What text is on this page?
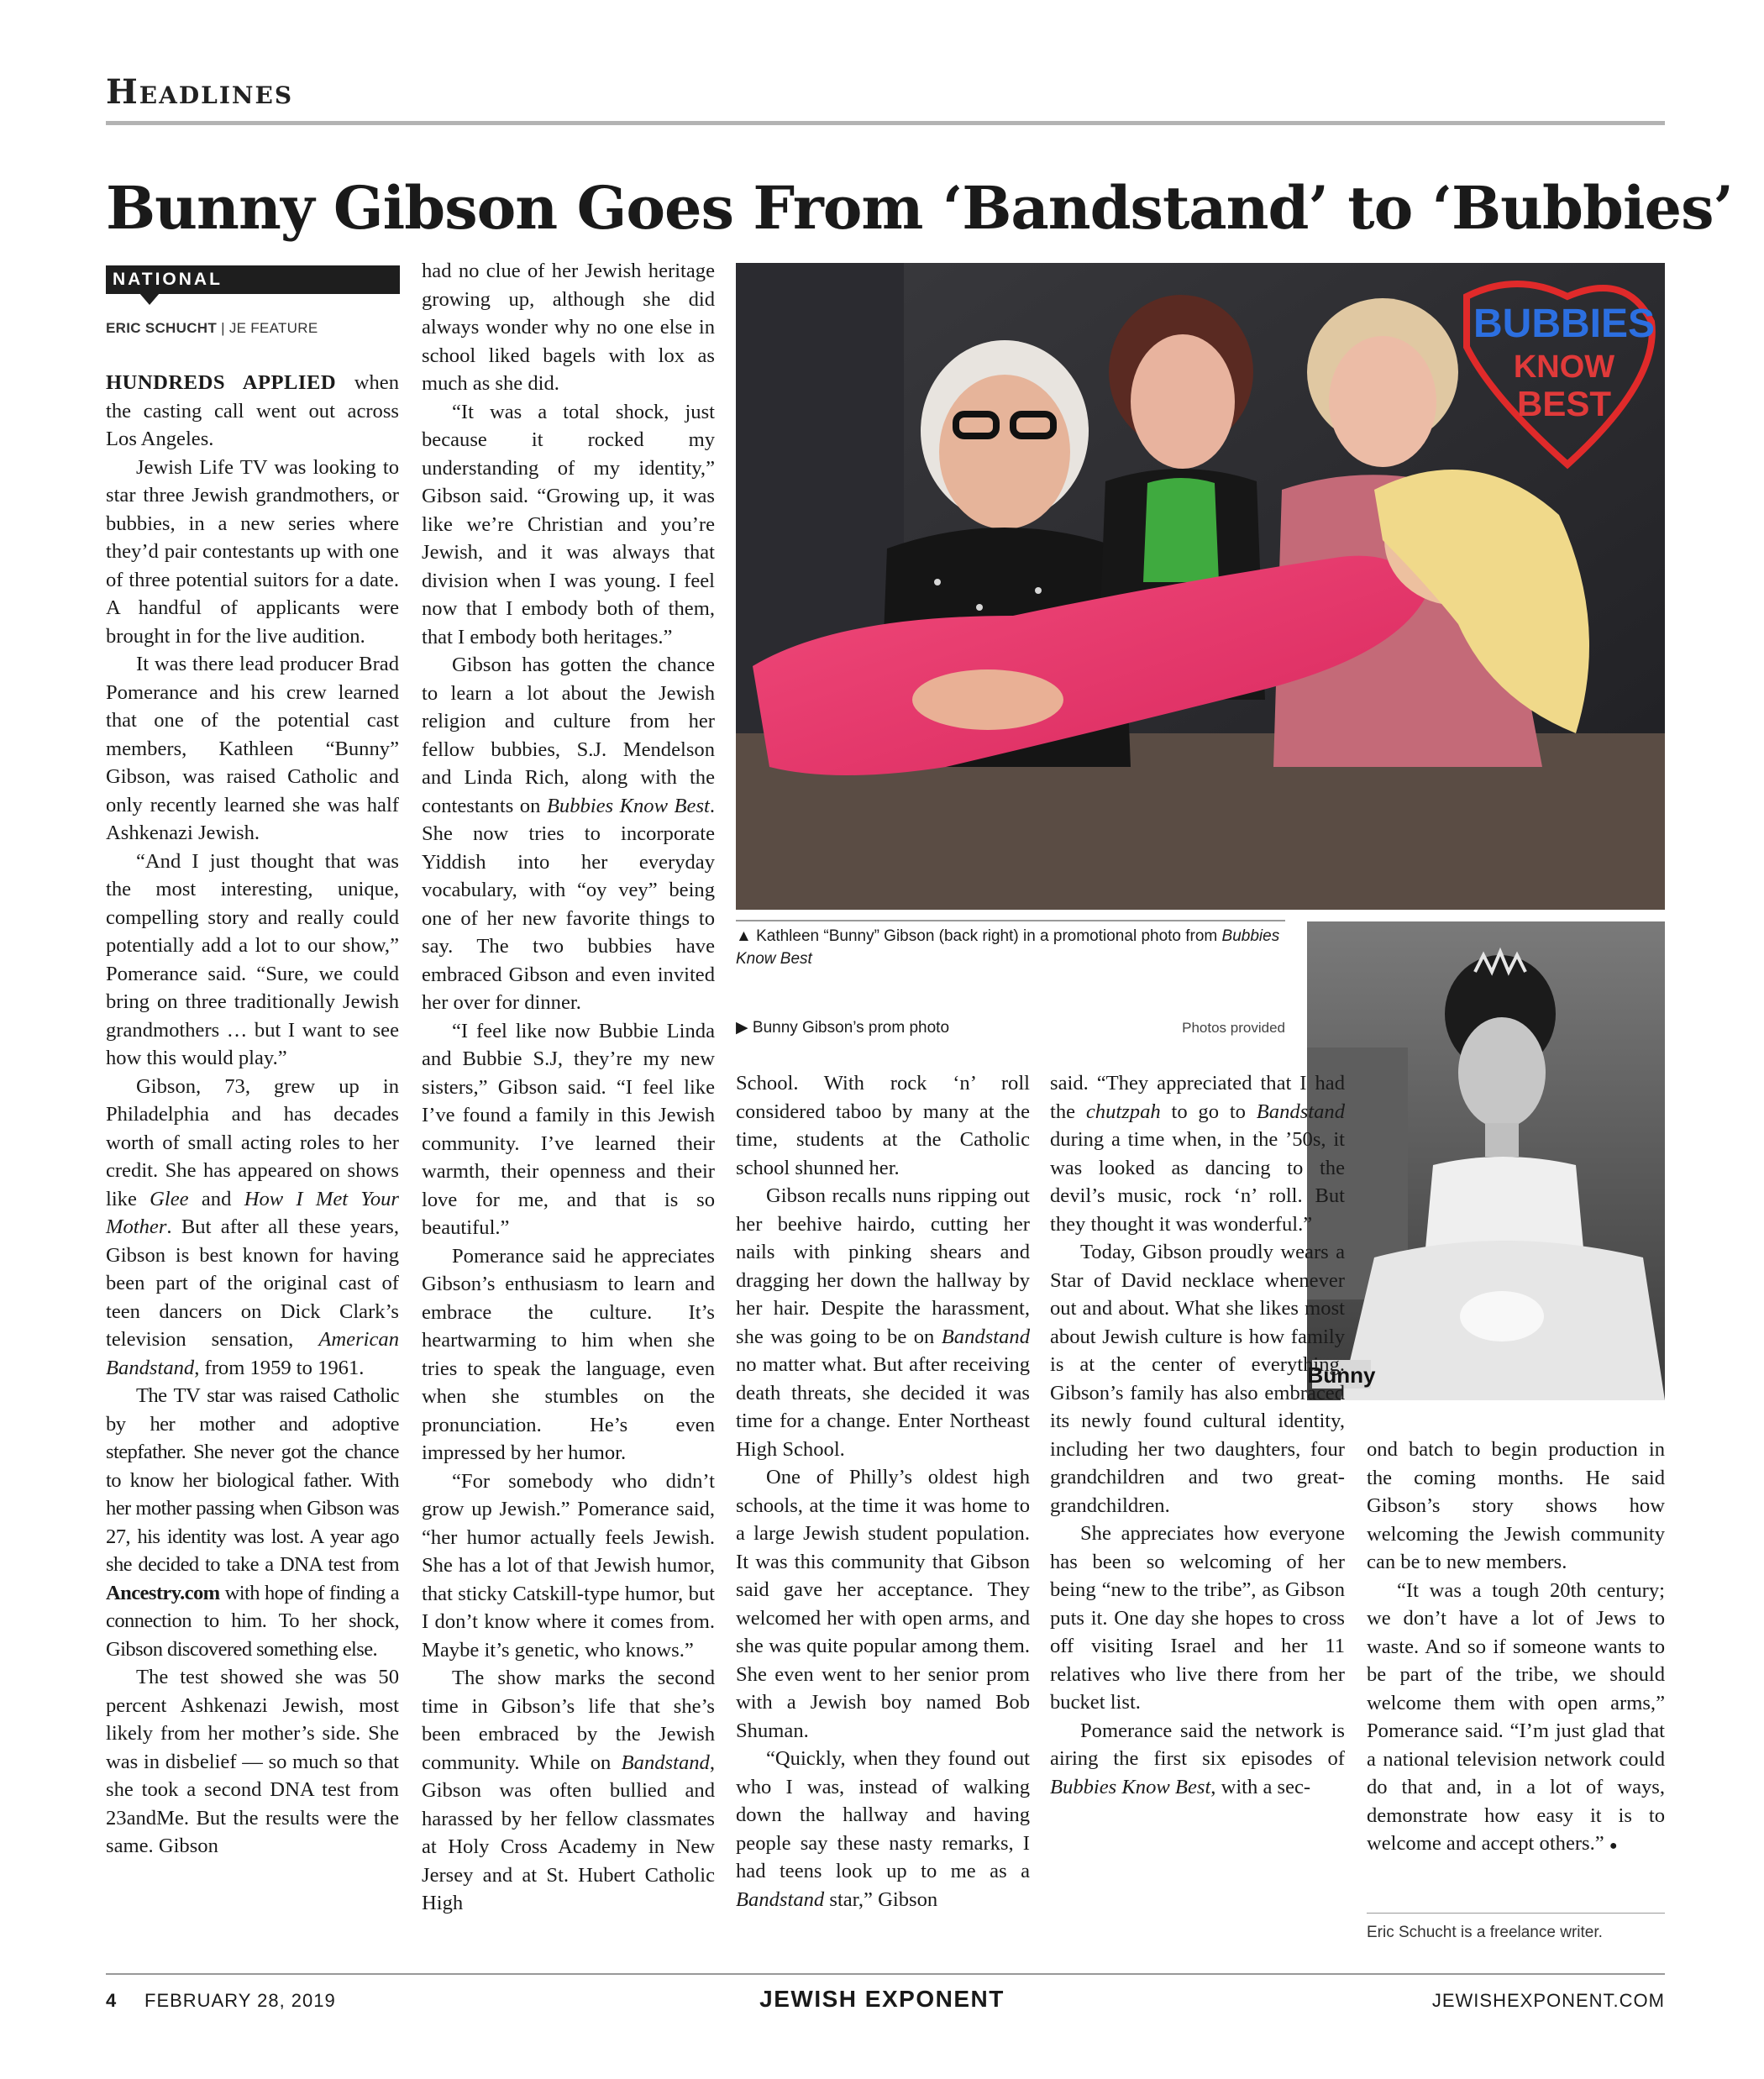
Headlines
Bunny Gibson Goes From ‘Bandstand’ to ‘Bubbies’
NATIONAL
ERIC SCHUCHT | JE FEATURE

HUNDREDS APPLIED when the casting call went out across Los Angeles.

Jewish Life TV was looking to star three Jewish grandmothers, or bubbies, in a new series where they’d pair contestants up with one of three potential suitors for a date. A handful of applicants were brought in for the live audition.

It was there lead producer Brad Pomerance and his crew learned that one of the potential cast members, Kathleen “Bunny” Gibson, was raised Catholic and only recently learned she was half Ashkenazi Jewish.

“And I just thought that was the most interesting, unique, compelling story and really could potentially add a lot to our show,” Pomerance said. “Sure, we could bring on three traditionally Jewish grandmothers … but I want to see how this would play.”

Gibson, 73, grew up in Philadelphia and has decades worth of small acting roles to her credit. She has appeared on shows like Glee and How I Met Your Mother. But after all these years, Gibson is best known for having been part of the original cast of teen dancers on Dick Clark’s television sensation, American Bandstand, from 1959 to 1961.

The TV star was raised Catholic by her mother and adoptive stepfather. She never got the chance to know her biological father. With her mother passing when Gibson was 27, his identity was lost. A year ago she decided to take a DNA test from Ancestry.com with hope of finding a connection to him. To her shock, Gibson discovered something else.

The test showed she was 50 percent Ashkenazi Jewish, most likely from her mother’s side. She was in disbelief — so much so that she took a second DNA test from 23andMe. But the results were the same. Gibson

had no clue of her Jewish heritage growing up, although she did always wonder why no one else in school liked bagels with lox as much as she did.

“It was a total shock, just because it rocked my understanding of my identity,” Gibson said. “Growing up, it was like we’re Christian and you’re Jewish, and it was always that division when I was young. I feel now that I embody both of them, that I embody both heritages.”

Gibson has gotten the chance to learn a lot about the Jewish religion and culture from her fellow bubbies, S.J. Mendelson and Linda Rich, along with the contestants on Bubbies Know Best. She now tries to incorporate Yiddish into her everyday vocabulary, with “oy vey” being one of her new favorite things to say. The two bubbies have embraced Gibson and even invited her over for dinner.

“I feel like now Bubbie Linda and Bubbie S.J, they’re my new sisters,” Gibson said. “I feel like I’ve found a family in this Jewish community. I’ve learned their warmth, their openness and their love for me, and that is so beautiful.”

Pomerance said he appreciates Gibson’s enthusiasm to learn and embrace the culture. It’s heartwarming to him when she tries to speak the language, even when she stumbles on the pronunciation. He’s even impressed by her humor.

“For somebody who didn’t grow up Jewish.” Pomerance said, “her humor actually feels Jewish. She has a lot of that Jewish humor, that sticky Catskill-type humor, but I don’t know where it comes from. Maybe it’s genetic, who knows.”

The show marks the second time in Gibson’s life that she’s been embraced by the Jewish community. While on Bandstand, Gibson was often bullied and harassed by her fellow classmates at Holy Cross Academy in New Jersey and at St. Hubert Catholic High

BUBBIES
KNOW
BEST
▲ Kathleen “Bunny” Gibson (back right) in a promotional photo from Bubbies Know Best
▶ Bunny Gibson’s prom photo	Photos provided
Bunny

School. With rock ‘n’ roll considered taboo by many at the time, students at the Catholic school shunned her.

Gibson recalls nuns ripping out her beehive hairdo, cutting her nails with pinking shears and dragging her down the hallway by her hair. Despite the harassment, she was going to be on Bandstand no matter what. But after receiving death threats, she decided it was time for a change. Enter Northeast High School.

One of Philly’s oldest high schools, at the time it was home to a large Jewish student population. It was this community that Gibson said gave her acceptance. They welcomed her with open arms, and she was quite popular among them. She even went to her senior prom with a Jewish boy named Bob Shuman.

“Quickly, when they found out who I was, instead of walking down the hallway and having people say these nasty remarks, I had teens look up to me as a Bandstand star,” Gibson

said. “They appreciated that I had the chutzpah to go to Bandstand during a time when, in the ’50s, it was looked as dancing to the devil’s music, rock ‘n’ roll. But they thought it was wonderful.”

Today, Gibson proudly wears a Star of David necklace whenever out and about. What she likes most about Jewish culture is how family is at the center of everything. Gibson’s family has also embraced its newly found cultural identity, including her two daughters, four grandchildren and two great-grandchildren.

She appreciates how everyone has been so welcoming of her being “new to the tribe”, as Gibson puts it. One day she hopes to cross off visiting Israel and her 11 relatives who live there from her bucket list.

Pomerance said the network is airing the first six episodes of Bubbies Know Best, with a sec-

ond batch to begin production in the coming months. He said Gibson’s story shows how welcoming the Jewish community can be to new members.

“It was a tough 20th century; we don’t have a lot of Jews to waste. And so if someone wants to be part of the tribe, we should welcome them with open arms,” Pomerance said. “I’m just glad that a national television network could do that and, in a lot of ways, demonstrate how easy it is to welcome and accept others.” ●

Eric Schucht is a freelance writer.
4 FEBRUARY 28, 2019	JEWISH EXPONENT	JEWISHEXPONENT.COM
